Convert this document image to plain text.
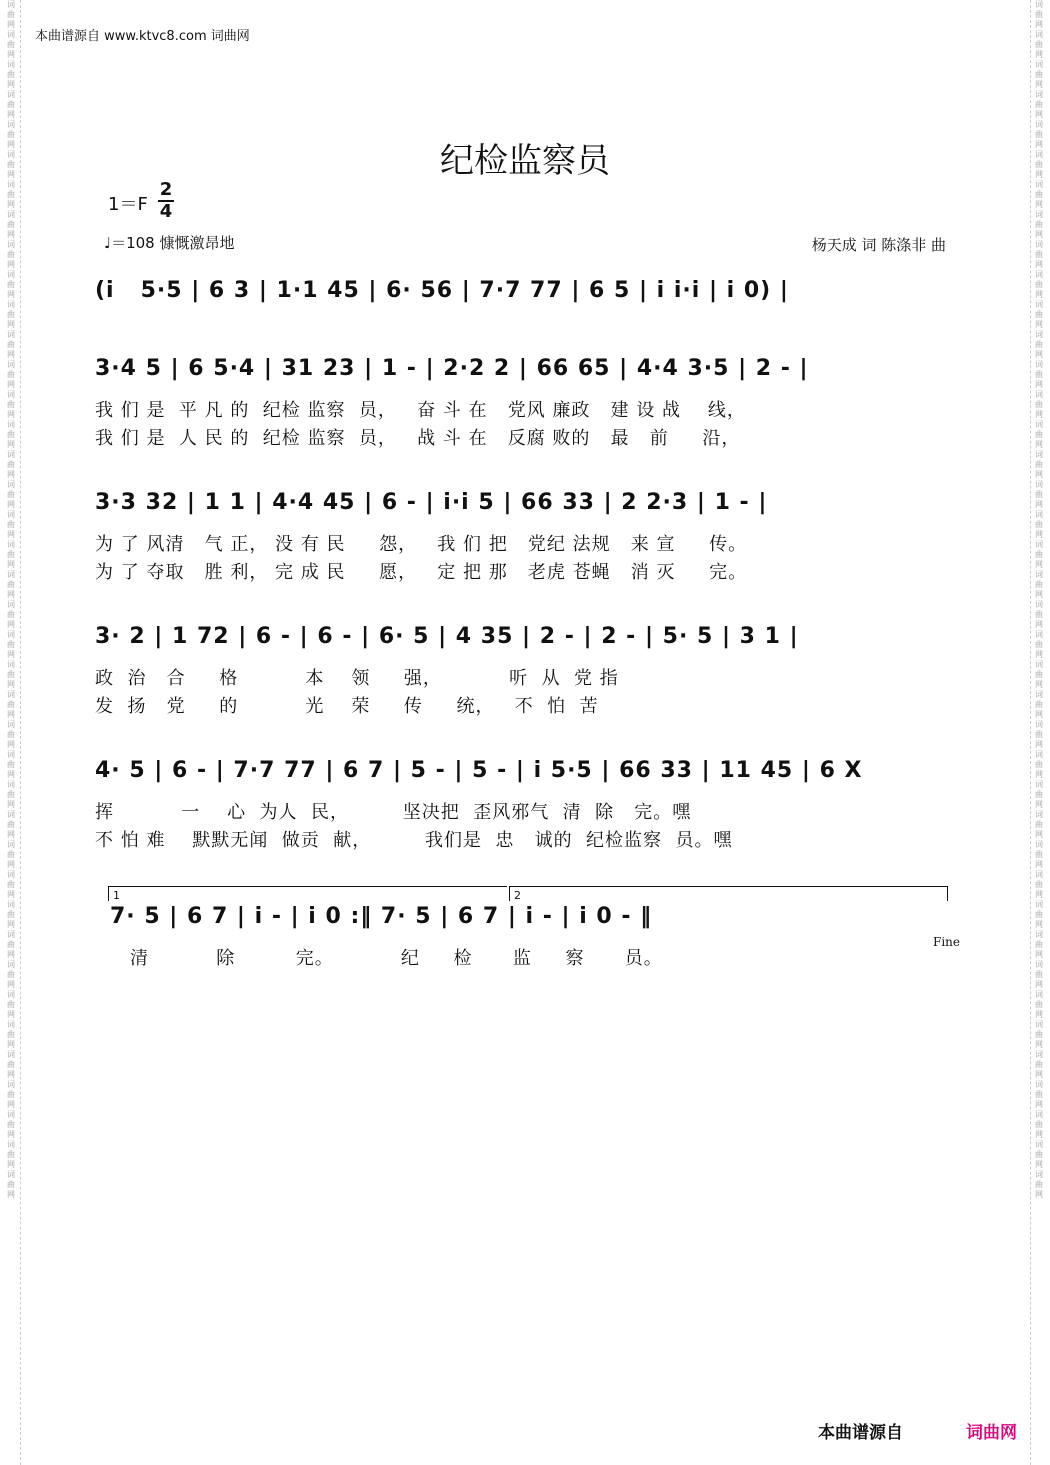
词曲网词曲网词曲网词曲网词曲网词曲网词曲网词曲网词曲网词曲网词曲网词曲网词曲网词曲网词曲网词曲网词曲网词曲网词曲网词曲网词曲网词曲网词曲网词曲网词曲网词曲网词曲网词曲网词曲网词曲网词曲网词曲网词曲网词曲网词曲网词曲网词曲网词曲网词曲网词曲网
词曲网词曲网词曲网词曲网词曲网词曲网词曲网词曲网词曲网词曲网词曲网词曲网词曲网词曲网词曲网词曲网词曲网词曲网词曲网词曲网词曲网词曲网词曲网词曲网词曲网词曲网词曲网词曲网词曲网词曲网词曲网词曲网词曲网词曲网词曲网词曲网词曲网词曲网词曲网词曲网
本曲谱源自 www.ktvc8.com 词曲网
纪检监察员
$1=F \frac{2}{4}$
♩＝108 慷慨激昂地	杨天成 词 陈涤非 曲
(i   5·5 | 6 3 | 1·1 45 | 6· 56 | 7·7 77 | 6 5 | i i·i | i 0) |
3·4 5 | 6 5·4 | 31 23 | 1 - | 2·2 2 | 66 65 | 4·4 3·5 | 2 - |
我 们 是  平 凡 的  纪检 监察  员，   奋 斗 在   党风 廉政   建 设 战    线，
我 们 是  人 民 的  纪检 监察  员，   战 斗 在   反腐 败的   最   前     沿，
3·3 32 | 1 1 | 4·4 45 | 6 - | i·i 5 | 66 33 | 2 2·3 | 1 - |
为 了 风清   气 正， 没 有 民     怨，   我 们 把   党纪 法规   来 宣     传。
为 了 夺取   胜 利， 完 成 民     愿，   定 把 那   老虎 苍蝇   消 灭     完。
3· 2 | 1 72 | 6 - | 6 - | 6· 5 | 4 35 | 2 - | 2 - | 5· 5 | 3 1 |
政  治   合     格          本    领     强，          听  从  党 指
发  扬   党     的          光    荣     传     统，   不  怕  苦
4· 5 | 6 - | 7·7 77 | 6 7 | 5 - | 5 - | i 5·5 | 66 33 | 11 45 | 6 X
挥          一    心  为人  民，        坚决把  歪风邪气  清  除   完。嘿
不 怕 难    默默无闻  做贡  献，        我们是  忠   诚的  纪检监察  员。嘿
1	2
7· 5 | 6 7 | i - | i 0 :‖ 7· 5 | 6 7 | i - | i 0 - ‖
清          除         完。          纪     检      监     察      员。
Fine
本曲谱源自	词曲网
